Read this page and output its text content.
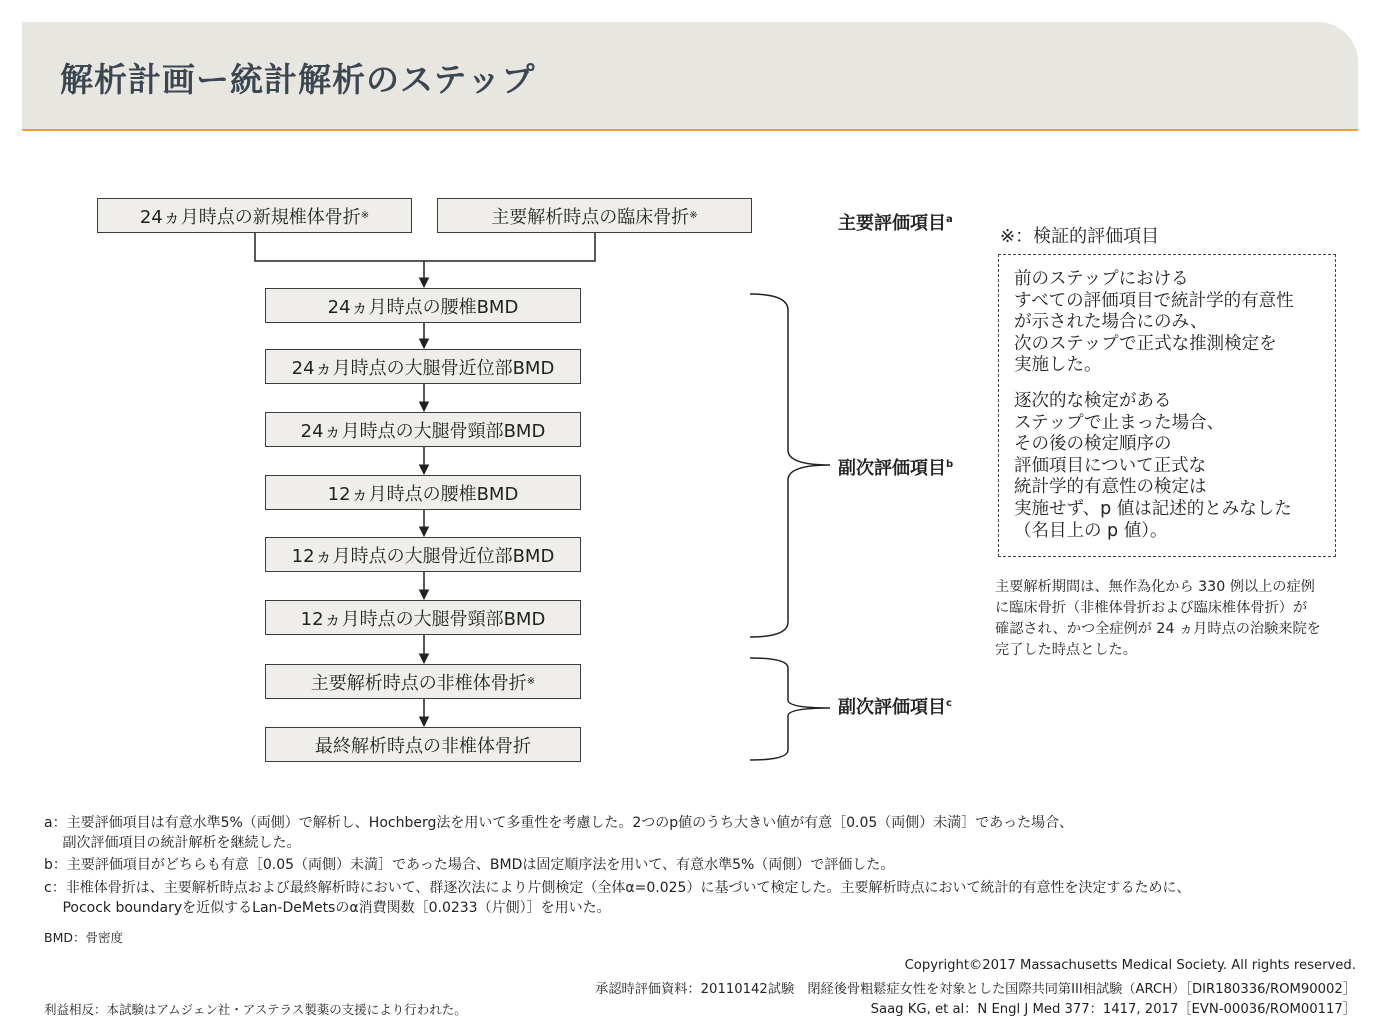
解析計画ー統計解析のステップ
24ヵ月時点の新規椎体骨折 ※	主要解析時点の臨床骨折 ※
24ヵ月時点の腰椎BMD
24ヵ月時点の大腿骨近位部BMD
24ヵ月時点の大腿骨頸部BMD
12ヵ月時点の腰椎BMD
12ヵ月時点の大腿骨近位部BMD
12ヵ月時点の大腿骨頸部BMD
主要解析時点の非椎体骨折 ※
最終解析時点の非椎体骨折
主要評価項目$^a$
副次評価項目$^b$
副次評価項目$^c$
※：検証的評価項目

前のステップにおける
すべての評価項目で統計学的有意性
が示された場合にのみ、
次のステップで正式な推測検定を
実施した。

逐次的な検定がある
ステップで止まった場合、
その後の検定順序の
評価項目について正式な
統計学的有意性の検定は
実施せず、p 値は記述的とみなした
（名目上の p 値）。

主要解析期間は、無作為化から 330 例以上の症例
に臨床骨折（非椎体骨折および臨床椎体骨折）が
確認され、かつ全症例が 24 ヵ月時点の治験来院を
完了した時点とした。
a：主要評価項目は有意水準5%（両側）で解析し、Hochberg法を用いて多重性を考慮した。2つのp値のうち大きい値が有意［0.05（両側）未満］であった場合、
　 副次評価項目の統計解析を継続した。
b：主要評価項目がどちらも有意［0.05（両側）未満］であった場合、BMDは固定順序法を用いて、有意水準5%（両側）で評価した。
c：非椎体骨折は、主要解析時点および最終解析時において、群逐次法により片側検定（全体α=0.025）に基づいて検定した。主要解析時点において統計的有意性を決定するために、
　 Pocock boundaryを近似するLan-DeMetsのα消費関数［0.0233（片側）］を用いた。
BMD：骨密度
Copyright©2017 Massachusetts Medical Society. All rights reserved.
承認時評価資料：20110142試験　閉経後骨粗鬆症女性を対象とした国際共同第III相試験（ARCH）［DIR180336/ROM90002］
Saag KG, et al：N Engl J Med 377：1417, 2017［EVN-00036/ROM00117］
利益相反：本試験はアムジェン社・アステラス製薬の支援により行われた。
